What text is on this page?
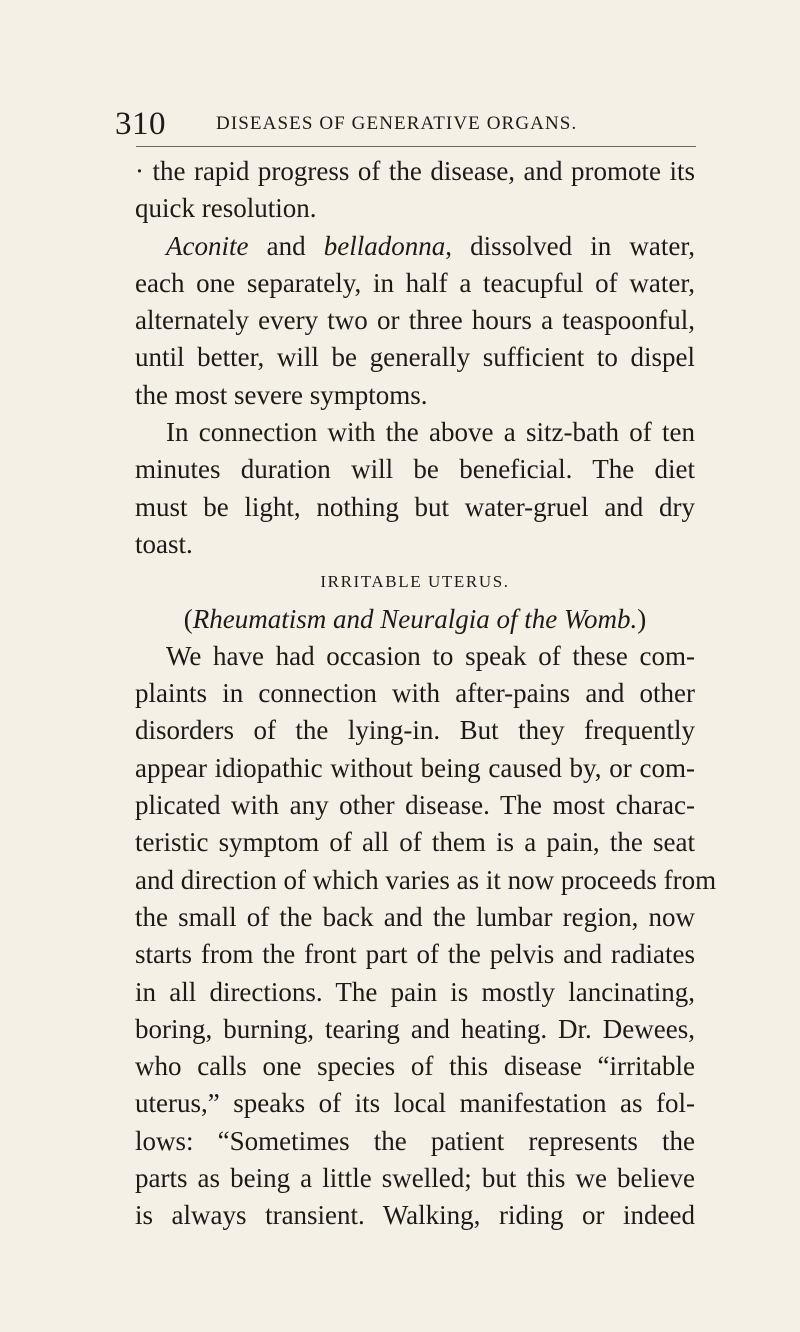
310	DISEASES OF GENERATIVE ORGANS.
· the rapid progress of the disease, and promote its
quick resolution.
Aconite and belladonna, dissolved in water,
each one separately, in half a teacupful of water,
alternately every two or three hours a teaspoonful,
until better, will be generally sufficient to dispel
the most severe symptoms.
In connection with the above a sitz-bath of ten
minutes duration will be beneficial. The diet
must be light, nothing but water-gruel and dry
toast.
IRRITABLE UTERUS.
(Rheumatism and Neuralgia of the Womb.)
We have had occasion to speak of these com-
plaints in connection with after-pains and other
disorders of the lying-in. But they frequently
appear idiopathic without being caused by, or com-
plicated with any other disease. The most charac-
teristic symptom of all of them is a pain, the seat
and direction of which varies as it now proceeds from
the small of the back and the lumbar region, now
starts from the front part of the pelvis and radiates
in all directions. The pain is mostly lancinating,
boring, burning, tearing and heating. Dr. Dewees,
who calls one species of this disease “irritable
uterus,” speaks of its local manifestation as fol-
lows: “Sometimes the patient represents the
parts as being a little swelled; but this we believe
is always transient. Walking, riding or indeed
